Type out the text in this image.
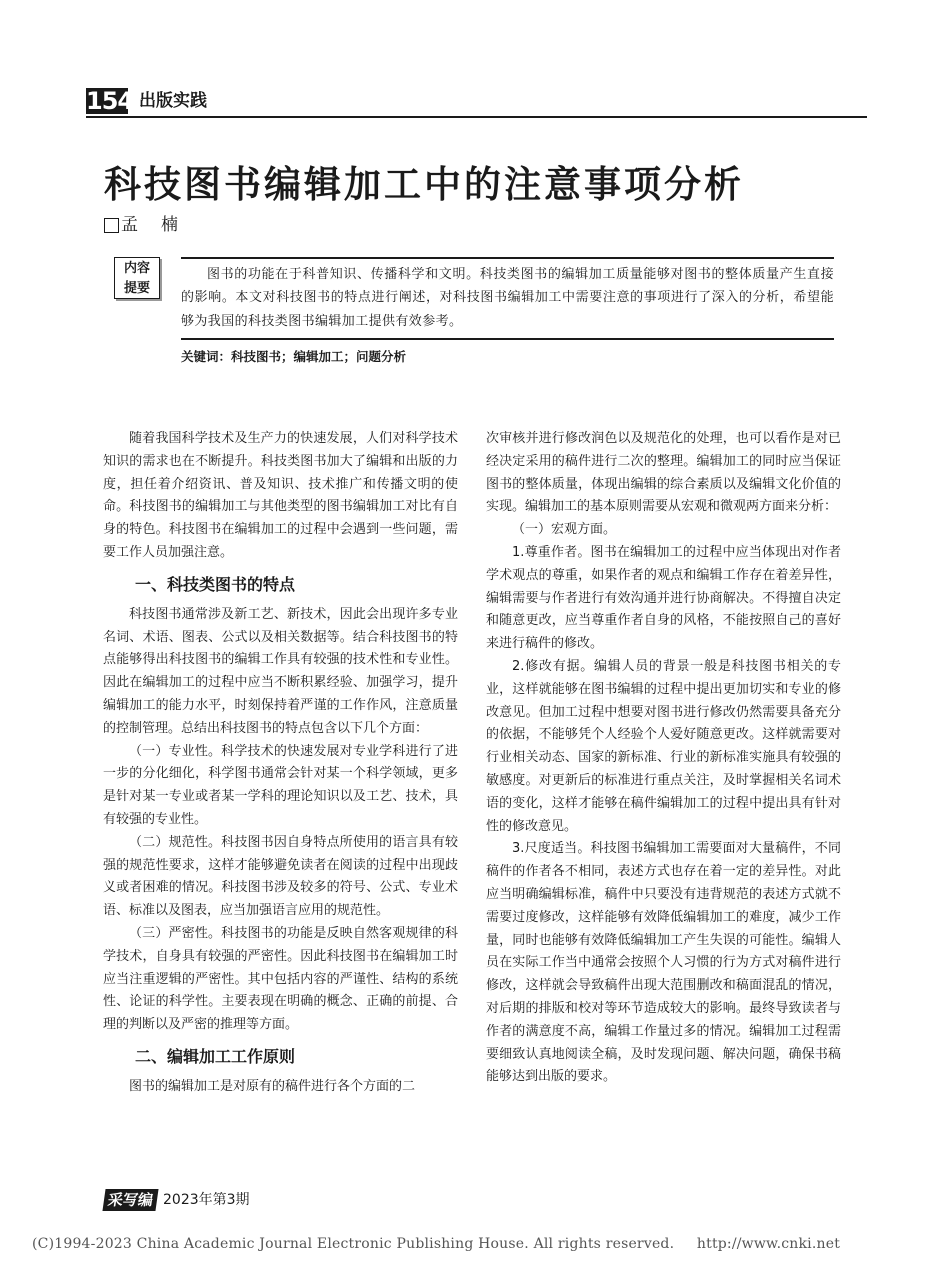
154 出版实践
科技图书编辑加工中的注意事项分析
孟　楠
内容
提要
图书的功能在于科普知识、传播科学和文明。科技类图书的编辑加工质量能够对图书的整体质量产生直接的影响。本文对科技图书的特点进行阐述，对科技图书编辑加工中需要注意的事项进行了深入的分析，希望能够为我国的科技类图书编辑加工提供有效参考。
关键词：科技图书；编辑加工；问题分析

随着我国科学技术及生产力的快速发展，人们对科学技术知识的需求也在不断提升。科技类图书加大了编辑和出版的力度，担任着介绍资讯、普及知识、技术推广和传播文明的使命。科技图书的编辑加工与其他类型的图书编辑加工对比有自身的特色。科技图书在编辑加工的过程中会遇到一些问题，需要工作人员加强注意。

一、科技类图书的特点

科技图书通常涉及新工艺、新技术，因此会出现许多专业名词、术语、图表、公式以及相关数据等。结合科技图书的特点能够得出科技图书的编辑工作具有较强的技术性和专业性。因此在编辑加工的过程中应当不断积累经验、加强学习，提升编辑加工的能力水平，时刻保持着严谨的工作作风，注意质量的控制管理。总结出科技图书的特点包含以下几个方面：

（一）专业性。科学技术的快速发展对专业学科进行了进一步的分化细化，科学图书通常会针对某一个科学领域，更多是针对某一专业或者某一学科的理论知识以及工艺、技术，具有较强的专业性。

（二）规范性。科技图书因自身特点所使用的语言具有较强的规范性要求，这样才能够避免读者在阅读的过程中出现歧义或者困难的情况。科技图书涉及较多的符号、公式、专业术语、标准以及图表，应当加强语言应用的规范性。

（三）严密性。科技图书的功能是反映自然客观规律的科学技术，自身具有较强的严密性。因此科技图书在编辑加工时应当注重逻辑的严密性。其中包括内容的严谨性、结构的系统性、论证的科学性。主要表现在明确的概念、正确的前提、合理的判断以及严密的推理等方面。

二、编辑加工工作原则

图书的编辑加工是对原有的稿件进行各个方面的二

次审核并进行修改润色以及规范化的处理，也可以看作是对已经决定采用的稿件进行二次的整理。编辑加工的同时应当保证图书的整体质量，体现出编辑的综合素质以及编辑文化价值的实现。编辑加工的基本原则需要从宏观和微观两方面来分析：

（一）宏观方面。

1.尊重作者。图书在编辑加工的过程中应当体现出对作者学术观点的尊重，如果作者的观点和编辑工作存在着差异性，编辑需要与作者进行有效沟通并进行协商解决。不得擅自决定和随意更改，应当尊重作者自身的风格，不能按照自己的喜好来进行稿件的修改。

2.修改有据。编辑人员的背景一般是科技图书相关的专业，这样就能够在图书编辑的过程中提出更加切实和专业的修改意见。但加工过程中想要对图书进行修改仍然需要具备充分的依据，不能够凭个人经验个人爱好随意更改。这样就需要对行业相关动态、国家的新标准、行业的新标准实施具有较强的敏感度。对更新后的标准进行重点关注，及时掌握相关名词术语的变化，这样才能够在稿件编辑加工的过程中提出具有针对性的修改意见。

3.尺度适当。科技图书编辑加工需要面对大量稿件，不同稿件的作者各不相同，表述方式也存在着一定的差异性。对此应当明确编辑标准，稿件中只要没有违背规范的表述方式就不需要过度修改，这样能够有效降低编辑加工的难度，减少工作量，同时也能够有效降低编辑加工产生失误的可能性。编辑人员在实际工作当中通常会按照个人习惯的行为方式对稿件进行修改，这样就会导致稿件出现大范围删改和稿面混乱的情况，对后期的排版和校对等环节造成较大的影响。最终导致读者与作者的满意度不高，编辑工作量过多的情况。编辑加工过程需要细致认真地阅读全稿，及时发现问题、解决问题，确保书稿能够达到出版的要求。

采写编 2023年第3期
(C)1994-2023 China Academic Journal Electronic Publishing House. All rights reserved. http://www.cnki.net
